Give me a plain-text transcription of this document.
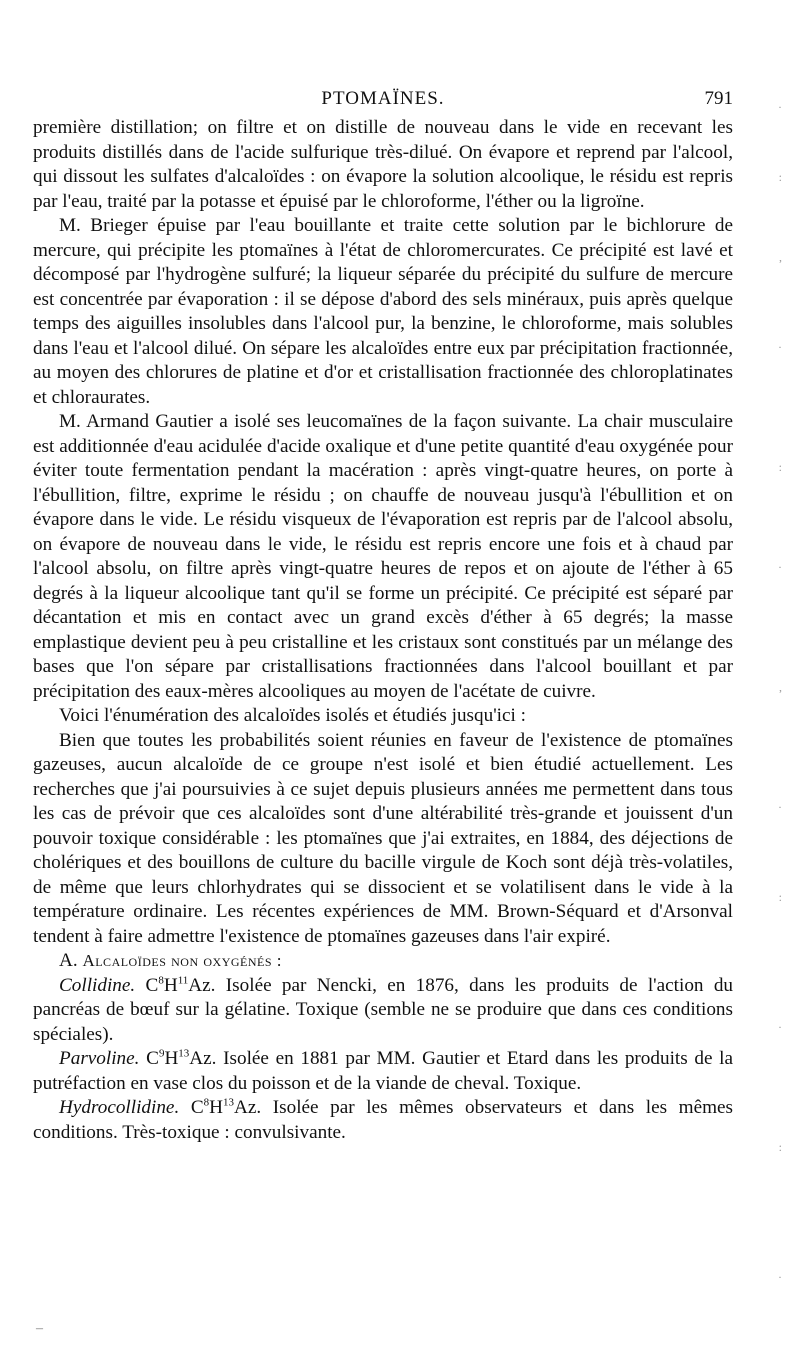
PTOMAÏNES.	791

première distillation; on filtre et on distille de nouveau dans le vide en recevant les produits distillés dans de l'acide sulfurique très-dilué. On évapore et reprend par l'alcool, qui dissout les sulfates d'alcaloïdes : on évapore la solution alcoolique, le résidu est repris par l'eau, traité par la potasse et épuisé par le chloroforme, l'éther ou la ligroïne.

M. Brieger épuise par l'eau bouillante et traite cette solution par le bichlorure de mercure, qui précipite les ptomaïnes à l'état de chloromercurates. Ce précipité est lavé et décomposé par l'hydrogène sulfuré; la liqueur séparée du précipité du sulfure de mercure est concentrée par évaporation : il se dépose d'abord des sels minéraux, puis après quelque temps des aiguilles insolubles dans l'alcool pur, la benzine, le chloroforme, mais solubles dans l'eau et l'alcool dilué. On sépare les alcaloïdes entre eux par précipitation fractionnée, au moyen des chlorures de platine et d'or et cristallisation fractionnée des chloroplatinates et chloraurates.

M. Armand Gautier a isolé ses leucomaïnes de la façon suivante. La chair musculaire est additionnée d'eau acidulée d'acide oxalique et d'une petite quantité d'eau oxygénée pour éviter toute fermentation pendant la macération : après vingt-quatre heures, on porte à l'ébullition, filtre, exprime le résidu ; on chauffe de nouveau jusqu'à l'ébullition et on évapore dans le vide. Le résidu visqueux de l'évaporation est repris par de l'alcool absolu, on évapore de nouveau dans le vide, le résidu est repris encore une fois et à chaud par l'alcool absolu, on filtre après vingt-quatre heures de repos et on ajoute de l'éther à 65 degrés à la liqueur alcoolique tant qu'il se forme un précipité. Ce précipité est séparé par décantation et mis en contact avec un grand excès d'éther à 65 degrés; la masse emplastique devient peu à peu cristalline et les cristaux sont constitués par un mélange des bases que l'on sépare par cristallisations fractionnées dans l'alcool bouillant et par précipitation des eaux-mères alcooliques au moyen de l'acétate de cuivre.

Voici l'énumération des alcaloïdes isolés et étudiés jusqu'ici :

Bien que toutes les probabilités soient réunies en faveur de l'existence de ptomaïnes gazeuses, aucun alcaloïde de ce groupe n'est isolé et bien étudié actuellement. Les recherches que j'ai poursuivies à ce sujet depuis plusieurs années me permettent dans tous les cas de prévoir que ces alcaloïdes sont d'une altérabilité très-grande et jouissent d'un pouvoir toxique considérable : les ptomaïnes que j'ai extraites, en 1884, des déjections de cholériques et des bouillons de culture du bacille virgule de Koch sont déjà très-volatiles, de même que leurs chlorhydrates qui se dissocient et se volatilisent dans le vide à la température ordinaire. Les récentes expériences de MM. Brown-Séquard et d'Arsonval tendent à faire admettre l'existence de ptomaïnes gazeuses dans l'air expiré.

A. Alcaloïdes non oxygénés :

Collidine. $C^8H^{11}Az$. Isolée par Nencki, en 1876, dans les produits de l'action du pancréas de bœuf sur la gélatine. Toxique (semble ne se produire que dans ces conditions spéciales).

Parvoline. $C^9H^{13}Az$. Isolée en 1881 par MM. Gautier et Etard dans les produits de la putréfaction en vase clos du poisson et de la viande de cheval. Toxique.

Hydrocollidine. $C^8H^{13}Az$. Isolée par les mêmes observateurs et dans les mêmes conditions. Très-toxique : convulsivante.

·
:
,
·
:
·
,
·
:
·
:
·
–
